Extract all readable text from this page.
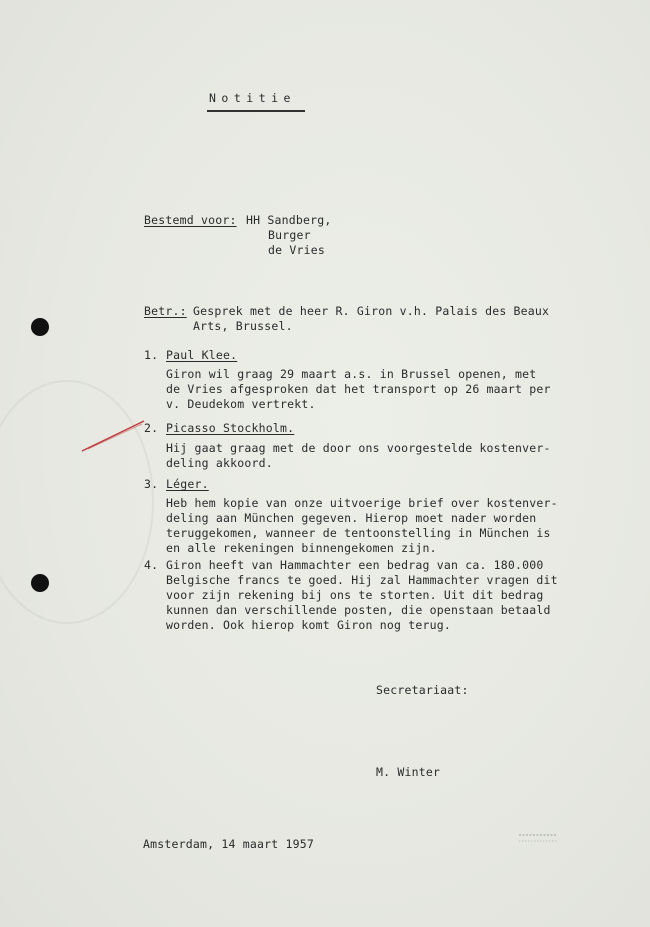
Notitie
Bestemd voor: HH Sandberg,
Burger
de Vries
Betr.: Gesprek met de heer R. Giron v.h. Palais des Beaux
Arts, Brussel.
1. Paul Klee.
Giron wil graag 29 maart a.s. in Brussel openen, met
de Vries afgesproken dat het transport op 26 maart per
v. Deudekom vertrekt.
2. Picasso Stockholm.
Hij gaat graag met de door ons voorgestelde kostenver-
deling akkoord.
3. Léger.
Heb hem kopie van onze uitvoerige brief over kostenver-
deling aan München gegeven. Hierop moet nader worden
teruggekomen, wanneer de tentoonstelling in München is
en alle rekeningen binnengekomen zijn.
4. Giron heeft van Hammachter een bedrag van ca. 180.000
Belgische francs te goed. Hij zal Hammachter vragen dit
voor zijn rekening bij ons te storten. Uit dit bedrag
kunnen dan verschillende posten, die openstaan betaald
worden. Ook hierop komt Giron nog terug.
Secretariaat:
M. Winter
Amsterdam, 14 maart 1957
